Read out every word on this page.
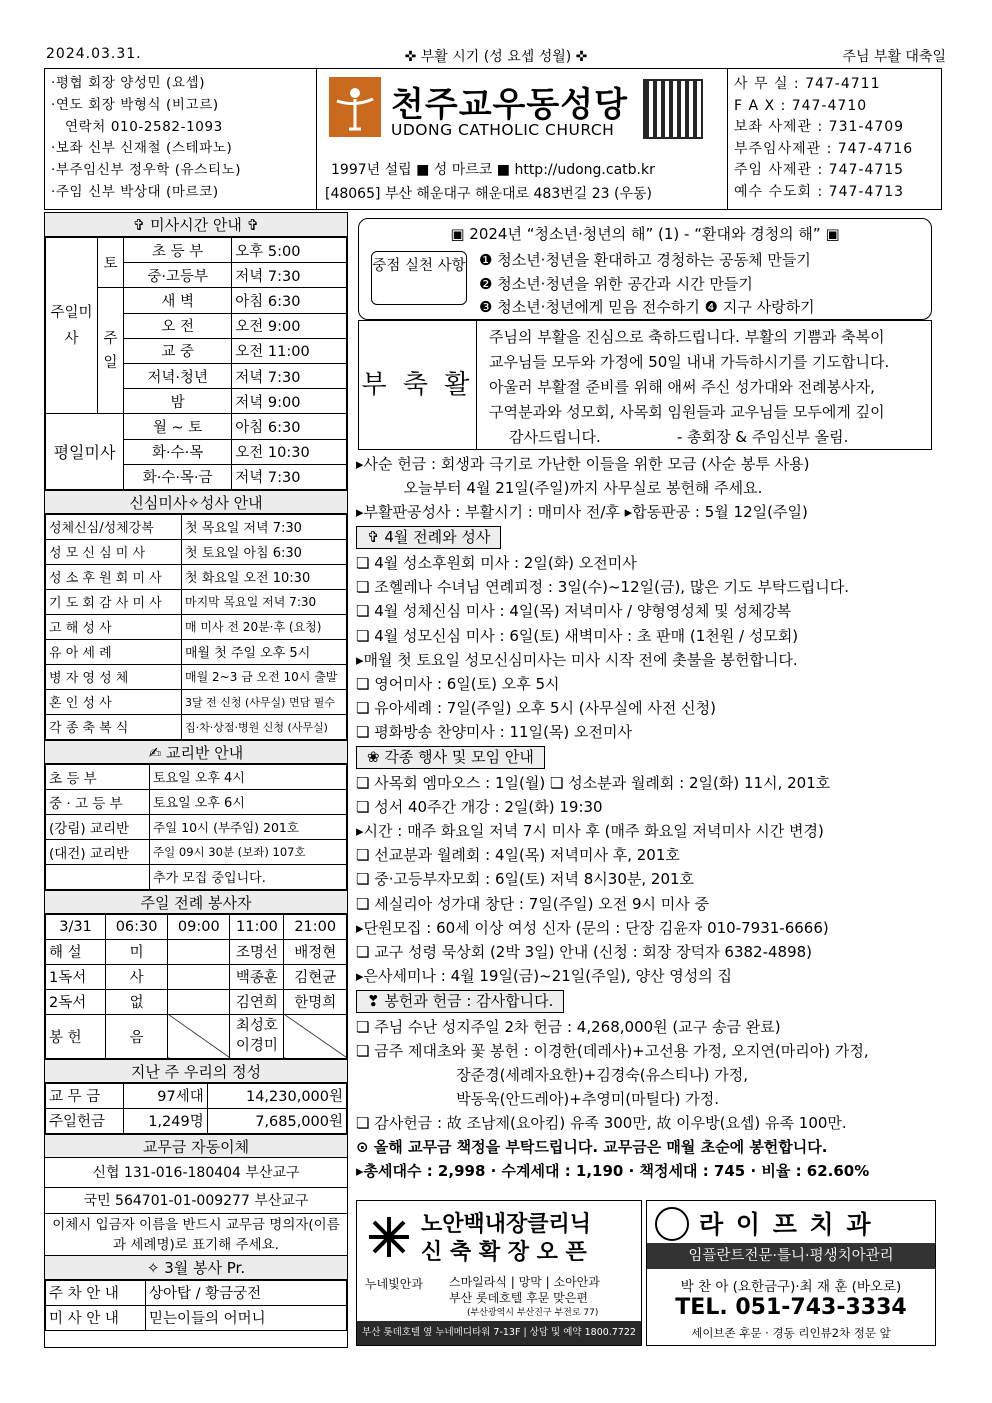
2024.03.31.	✜ 부활 시기 (성 요셉 성월) ✜	주님 부활 대축일
·평협 회장 양성민 (요셉)
·연도 회장 박형식 (비고르)
연락처 010-2582-1093
·보좌 신부 신재철 (스테파노)
·부주임신부 정우학 (유스티노)
·주임 신부 박상대 (마르코)
천주교우동성당
UDONG CATHOLIC CHURCH
1997년 설립 ■ 성 마르코 ■ http://udong.catb.kr
[48065] 부산 해운대구 해운대로 483번길 23 (우동)
사 무 실 : 747-4711
F A X : 747-4710
보좌 사제관 : 731-4709
부주임사제관 : 747-4716
주임 사제관 : 747-4715
예수 수도회 : 747-4713
✞ 미사시간 안내 ✞
주일미사	토	초 등 부	오후 5:00
		중·고등부	저녁 7:30
	주일	새 벽	아침 6:30
		오 전	오전 9:00
		교 중	오전 11:00
		저녁·청년	저녁 7:30
		밤	저녁 9:00
평일미사		월 ~ 토	아침 6:30
		화·수·목	오전 10:30
		화·수·목·금	저녁 7:30
신심미사✧성사 안내
성체신심/성체강복	첫 목요일 저녁 7:30
성 모 신 심 미 사	첫 토요일 아침 6:30
성 소 후 원 회 미 사	첫 화요일 오전 10:30
기 도 회 감 사 미 사	마지막 목요일 저녁 7:30
고 해 성 사	매 미사 전 20분·후 (요청)
유 아 세 례	매월 첫 주일 오후 5시
병 자 영 성 체	매월 2~3 금 오전 10시 출발
혼 인 성 사	3달 전 신청 (사무실) 면담 필수
각 종 축 복 식	집·차·상점·병원 신청 (사무실)
✍ 교리반 안내
초 등 부	토요일 오후 4시
중 · 고 등 부	토요일 오후 6시
(강림) 교리반	주일 10시 (부주임) 201호
(대건) 교리반	주일 09시 30분 (보좌) 107호
	추가 모집 중입니다.
주일 전례 봉사자
3/31	06:30	09:00	11:00	21:00
해 설	미		조명선	배정현
1독서	사		백종훈	김현균
2독서	없		김연희	한명희
봉 헌	음		최성호 이경미	
지난 주 우리의 정성
교 무 금	97세대	14,230,000원
주일헌금	1,249명	7,685,000원
교무금 자동이체
신협 131-016-180404 부산교구
국민 564701-01-009277 부산교구
이체시 입금자 이름을 반드시 교무금 명의자(이름과 세례명)로 표기해 주세요.
✧ 3월 봉사 Pr.
주 차 안 내	상아탑 / 황금궁전
미 사 안 내	믿는이들의 어머니
▣ 2024년 “청소년·청년의 해” (1) - “환대와 경청의 해” ▣
중점 실천 사항 ❶ 청소년·청년을 환대하고 경청하는 공동체 만들기
❷ 청소년·청년을 위한 공간과 시간 만들기
❸ 청소년·청년에게 믿음 전수하기 ❹ 지구 사랑하기
부 축 활
주님의 부활을 진심으로 축하드립니다. 부활의 기쁨과 축복이
교우님들 모두와 가정에 50일 내내 가득하시기를 기도합니다.
아울러 부활절 준비를 위해 애써 주신 성가대와 전례봉사자,
구역분과와 성모회, 사목회 임원들과 교우님들 모두에게 깊이
감사드립니다.                - 총회장 & 주임신부 올림.
▸사순 헌금 : 회생과 극기로 가난한 이들을 위한 모금 (사순 봉투 사용)
오늘부터 4월 21일(주일)까지 사무실로 봉헌해 주세요.
▸부활판공성사 : 부활시기 : 매미사 전/후 ▸합동판공 : 5월 12일(주일)
✞ 4월 전례와 성사
❏ 4월 성소후원회 미사 : 2일(화) 오전미사
❏ 조헬레나 수녀님 연례피정 : 3일(수)~12일(금), 많은 기도 부탁드립니다.
❏ 4월 성체신심 미사 : 4일(목) 저녁미사 / 양형영성체 및 성체강복
❏ 4월 성모신심 미사 : 6일(토) 새벽미사 : 초 판매 (1천원 / 성모회)
▸매월 첫 토요일 성모신심미사는 미사 시작 전에 촛불을 봉헌합니다.
❏ 영어미사 : 6일(토) 오후 5시
❏ 유아세례 : 7일(주일) 오후 5시 (사무실에 사전 신청)
❏ 평화방송 찬양미사 : 11일(목) 오전미사
❀ 각종 행사 및 모임 안내
❏ 사목회 엠마오스 : 1일(월) ❏ 성소분과 월례회 : 2일(화) 11시, 201호
❏ 성서 40주간 개강 : 2일(화) 19:30
▸시간 : 매주 화요일 저녁 7시 미사 후 (매주 화요일 저녁미사 시간 변경)
❏ 선교분과 월례회 : 4일(목) 저녁미사 후, 201호
❏ 중·고등부자모회 : 6일(토) 저녁 8시30분, 201호
❏ 세실리아 성가대 창단 : 7일(주일) 오전 9시 미사 중
▸단원모집 : 60세 이상 여성 신자 (문의 : 단장 김윤자 010-7931-6666)
❏ 교구 성령 묵상회 (2박 3일) 안내 (신청 : 회장 장덕자 6382-4898)
▸은사세미나 : 4월 19일(금)~21일(주일), 양산 영성의 집
❣ 봉헌과 헌금 : 감사합니다.
❏ 주님 수난 성지주일 2차 헌금 : 4,268,000원 (교구 송금 완료)
❏ 금주 제대초와 꽃 봉헌 : 이경한(데레사)+고선용 가정, 오지연(마리아) 가정,
장준경(세례자요한)+김경숙(유스티나) 가정,
박동욱(안드레아)+추영미(마틸다) 가정.
❏ 감사헌금 : 故 조남제(요아킴) 유족 300만, 故 이우방(요셉) 유족 100만.
⊙ 올해 교무금 책정을 부탁드립니다. 교무금은 매월 초순에 봉헌합니다.
▸총세대수 : 2,998 · 수계세대 : 1,190 · 책정세대 : 745 · 비율 : 62.60%
노안백내장클리닉
신 축 확 장 오 픈
누네빛안과 스마일라식 | 망막 | 소아안과
부산 롯데호텔 후문 맞은편
(부산광역시 부산진구 부전로 77)
부산 롯데호텔 옆 누네메디타워 7-13F | 상담 및 예약 1800.7722
라 이 프 치 과
임플란트전문·틀니·평생치아관리
박 찬 아 (요한금구)·최 재 훈 (바오로)
TEL. 051-743-3334
세이브존 후문 · 경동 리인뷰2차 정문 앞
